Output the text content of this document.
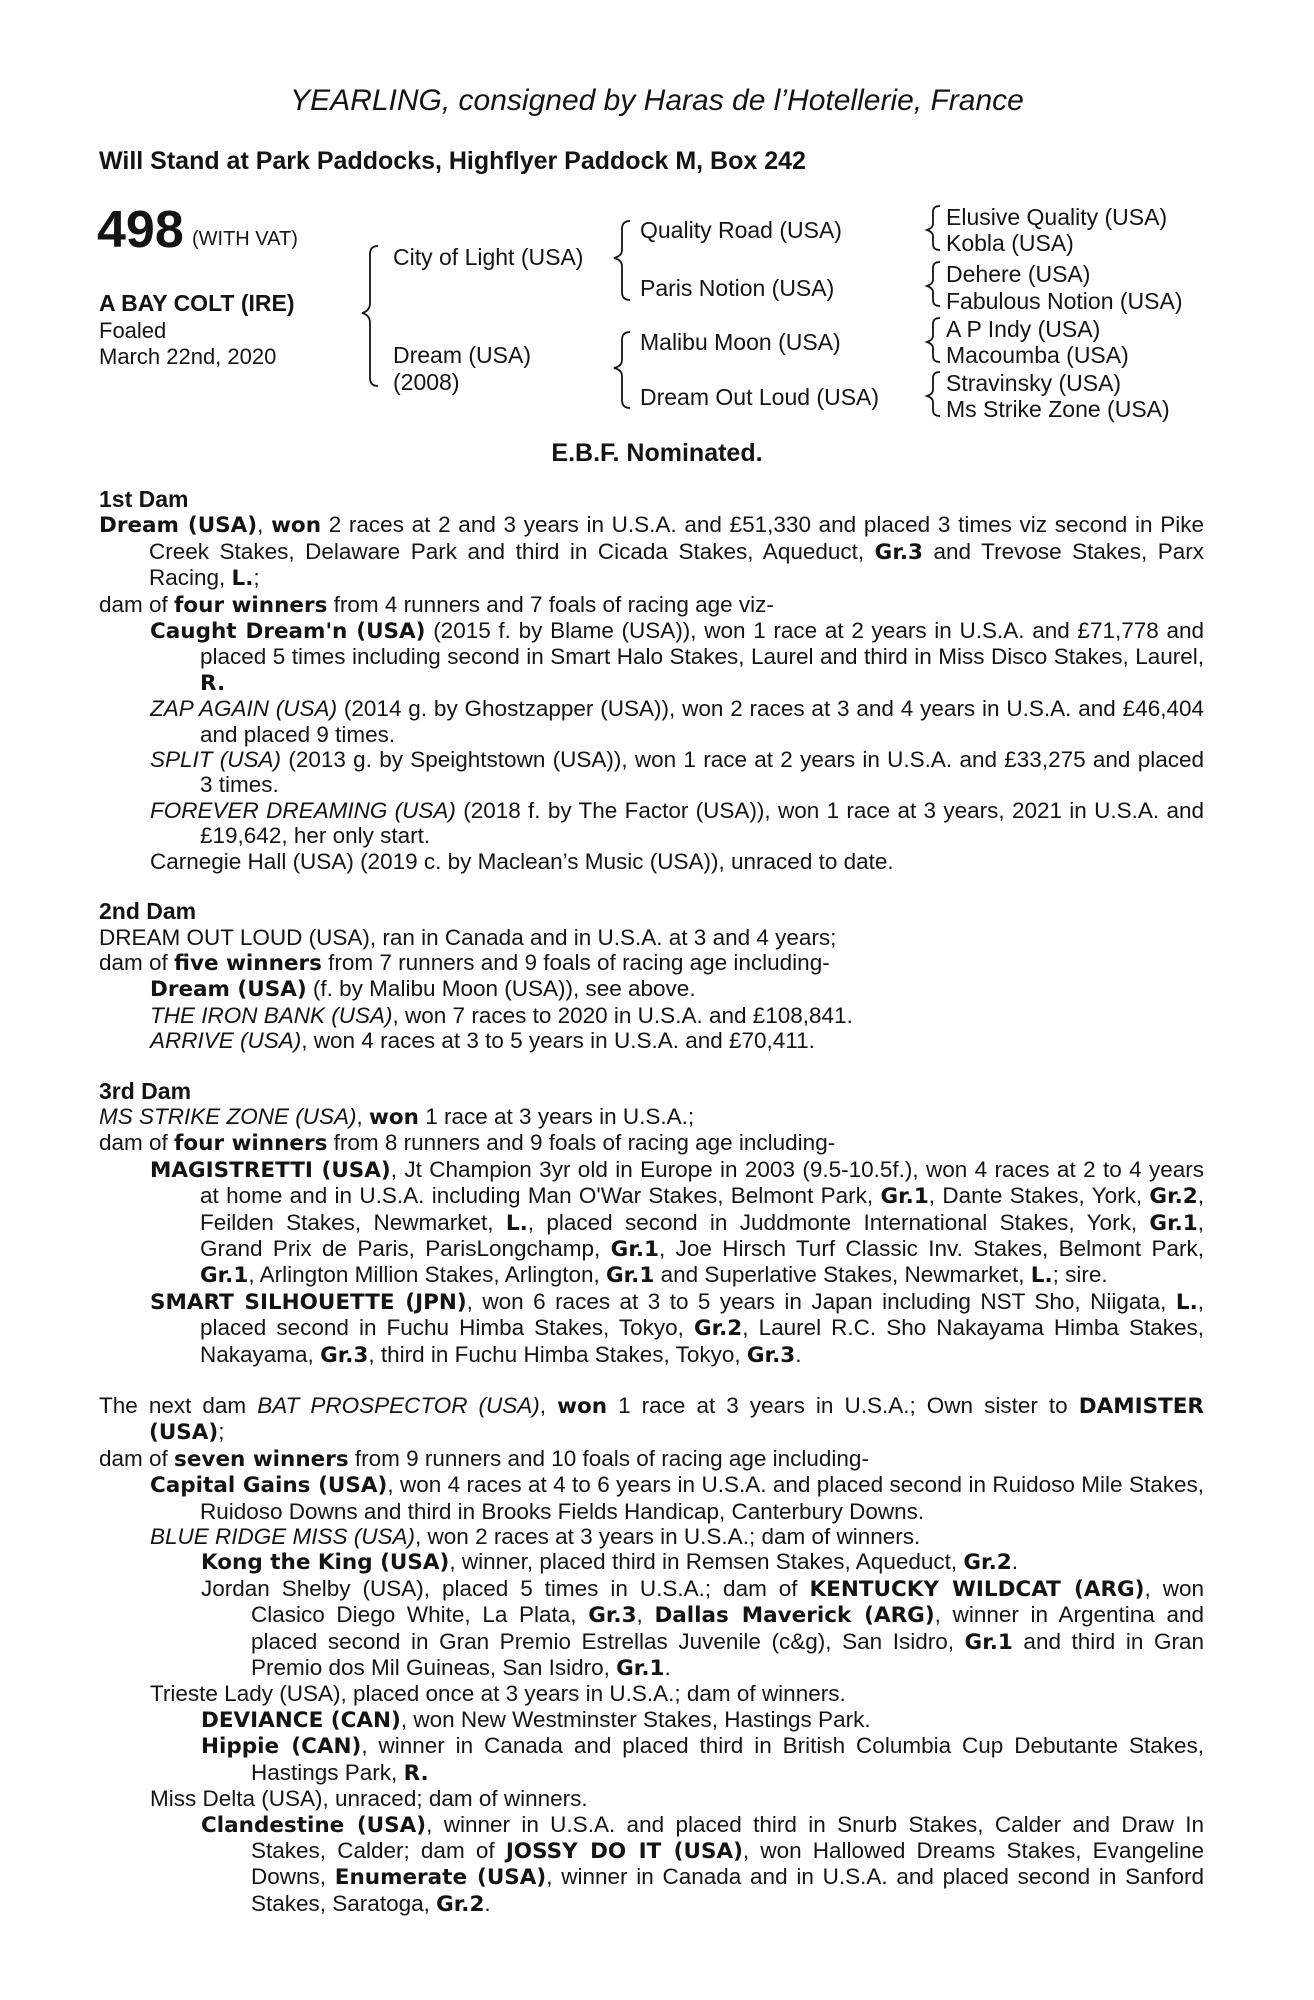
YEARLING, consigned by Haras de l’Hotellerie, France
Will Stand at Park Paddocks, Highflyer Paddock M, Box 242
498 (WITH VAT)
A BAY COLT (IRE)
Foaled
March 22nd, 2020
City of Light (USA)
Dream (USA)
(2008)
Quality Road (USA)
Paris Notion (USA)
Malibu Moon (USA)
Dream Out Loud (USA)
Elusive Quality (USA)
Kobla (USA)
Dehere (USA)
Fabulous Notion (USA)
A P Indy (USA)
Macoumba (USA)
Stravinsky (USA)
Ms Strike Zone (USA)
E.B.F. Nominated.
1st Dam
Dream (USA), won 2 races at 2 and 3 years in U.S.A. and £51,330 and placed 3 times viz second in Pike Creek Stakes, Delaware Park and third in Cicada Stakes, Aqueduct, Gr.3 and Trevose Stakes, Parx Racing, L.;
dam of four winners from 4 runners and 7 foals of racing age viz-
Caught Dream'n (USA) (2015 f. by Blame (USA)), won 1 race at 2 years in U.S.A. and £71,778 and placed 5 times including second in Smart Halo Stakes, Laurel and third in Miss Disco Stakes, Laurel, R.
ZAP AGAIN (USA) (2014 g. by Ghostzapper (USA)), won 2 races at 3 and 4 years in U.S.A. and £46,404 and placed 9 times.
SPLIT (USA) (2013 g. by Speightstown (USA)), won 1 race at 2 years in U.S.A. and £33,275 and placed 3 times.
FOREVER DREAMING (USA) (2018 f. by The Factor (USA)), won 1 race at 3 years, 2021 in U.S.A. and £19,642, her only start.
Carnegie Hall (USA) (2019 c. by Maclean’s Music (USA)), unraced to date.
2nd Dam
DREAM OUT LOUD (USA), ran in Canada and in U.S.A. at 3 and 4 years;
dam of five winners from 7 runners and 9 foals of racing age including-
Dream (USA) (f. by Malibu Moon (USA)), see above.
THE IRON BANK (USA), won 7 races to 2020 in U.S.A. and £108,841.
ARRIVE (USA), won 4 races at 3 to 5 years in U.S.A. and £70,411.
3rd Dam
MS STRIKE ZONE (USA), won 1 race at 3 years in U.S.A.;
dam of four winners from 8 runners and 9 foals of racing age including-
MAGISTRETTI (USA), Jt Champion 3yr old in Europe in 2003 (9.5-10.5f.), won 4 races at 2 to 4 years at home and in U.S.A. including Man O'War Stakes, Belmont Park, Gr.1, Dante Stakes, York, Gr.2, Feilden Stakes, Newmarket, L., placed second in Juddmonte International Stakes, York, Gr.1, Grand Prix de Paris, ParisLongchamp, Gr.1, Joe Hirsch Turf Classic Inv. Stakes, Belmont Park, Gr.1, Arlington Million Stakes, Arlington, Gr.1 and Superlative Stakes, Newmarket, L.; sire.
SMART SILHOUETTE (JPN), won 6 races at 3 to 5 years in Japan including NST Sho, Niigata, L., placed second in Fuchu Himba Stakes, Tokyo, Gr.2, Laurel R.C. Sho Nakayama Himba Stakes, Nakayama, Gr.3, third in Fuchu Himba Stakes, Tokyo, Gr.3.
The next dam BAT PROSPECTOR (USA), won 1 race at 3 years in U.S.A.; Own sister to DAMISTER (USA);
dam of seven winners from 9 runners and 10 foals of racing age including-
Capital Gains (USA), won 4 races at 4 to 6 years in U.S.A. and placed second in Ruidoso Mile Stakes, Ruidoso Downs and third in Brooks Fields Handicap, Canterbury Downs.
BLUE RIDGE MISS (USA), won 2 races at 3 years in U.S.A.; dam of winners.
Kong the King (USA), winner, placed third in Remsen Stakes, Aqueduct, Gr.2.
Jordan Shelby (USA), placed 5 times in U.S.A.; dam of KENTUCKY WILDCAT (ARG), won Clasico Diego White, La Plata, Gr.3, Dallas Maverick (ARG), winner in Argentina and placed second in Gran Premio Estrellas Juvenile (c&g), San Isidro, Gr.1 and third in Gran Premio dos Mil Guineas, San Isidro, Gr.1.
Trieste Lady (USA), placed once at 3 years in U.S.A.; dam of winners.
DEVIANCE (CAN), won New Westminster Stakes, Hastings Park.
Hippie (CAN), winner in Canada and placed third in British Columbia Cup Debutante Stakes, Hastings Park, R.
Miss Delta (USA), unraced; dam of winners.
Clandestine (USA), winner in U.S.A. and placed third in Snurb Stakes, Calder and Draw In Stakes, Calder; dam of JOSSY DO IT (USA), won Hallowed Dreams Stakes, Evangeline Downs, Enumerate (USA), winner in Canada and in U.S.A. and placed second in Sanford Stakes, Saratoga, Gr.2.
